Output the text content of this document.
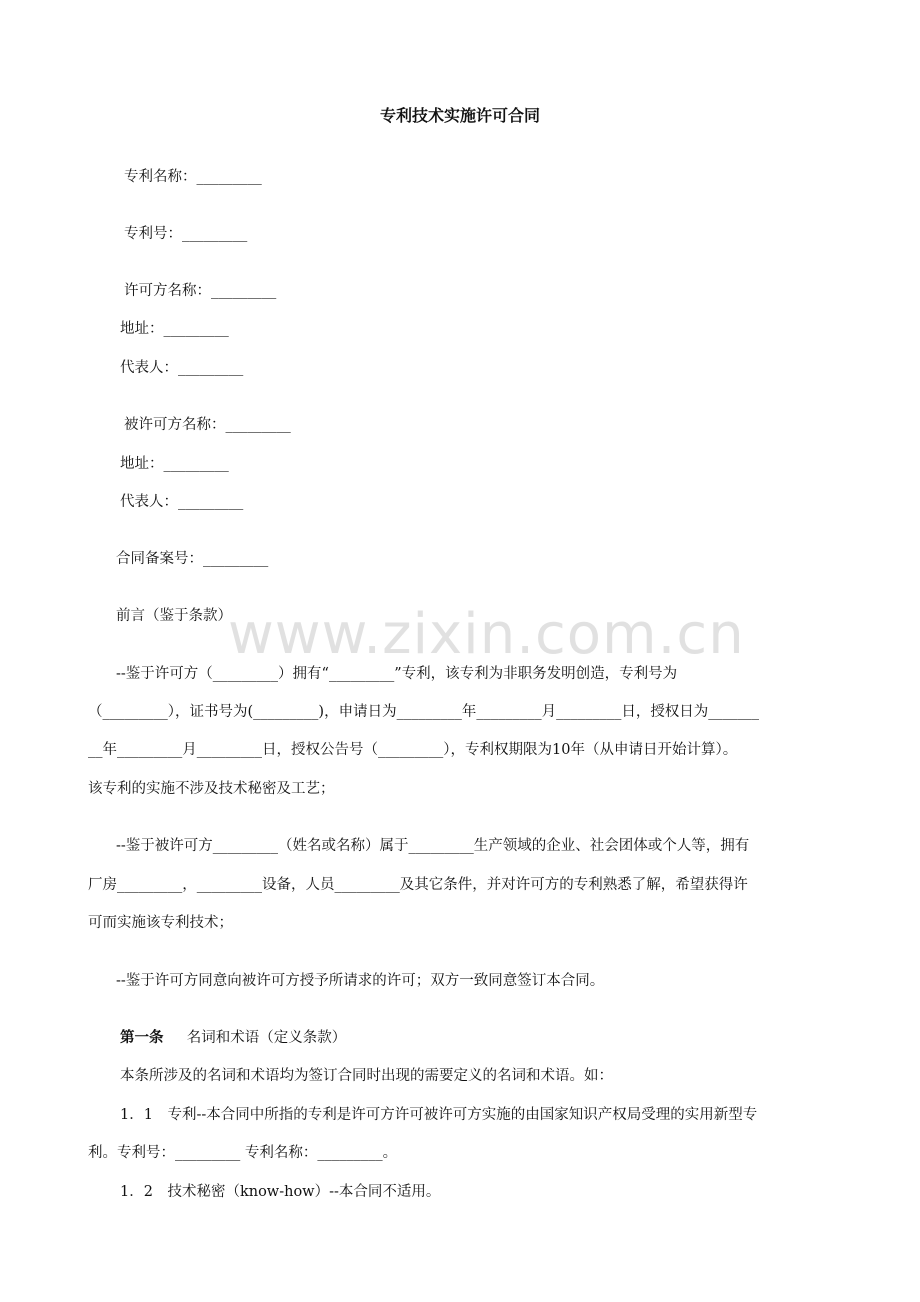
专利技术实施许可合同
专利名称：_________
专利号：_________
许可方名称：_________
地址：_________
代表人：_________
被许可方名称：_________
地址：_________
代表人：_________
合同备案号：_________
前言（鉴于条款）
www.zixin.com.cn
--鉴于许可方（_________）拥有“_________”专利，该专利为非职务发明创造，专利号为
（_________），证书号为(_________)，申请日为_________年_________月_________日，授权日为_______
__年_________月_________日，授权公告号（_________），专利权期限为10年（从申请日开始计算）。
该专利的实施不涉及技术秘密及工艺；
--鉴于被许可方_________（姓名或名称）属于_________生产领域的企业、社会团体或个人等，拥有
厂房_________，_________设备，人员_________及其它条件，并对许可方的专利熟悉了解，希望获得许
可而实施该专利技术；
--鉴于许可方同意向被许可方授予所请求的许可；双方一致同意签订本合同。
第一条 名词和术语（定义条款）
本条所涉及的名词和术语均为签订合同时出现的需要定义的名词和术语。如：
1．1　专利--本合同中所指的专利是许可方许可被许可方实施的由国家知识产权局受理的实用新型专
利。专利号：_________ 专利名称：_________。
1．2　技术秘密（know-how）--本合同不适用。
